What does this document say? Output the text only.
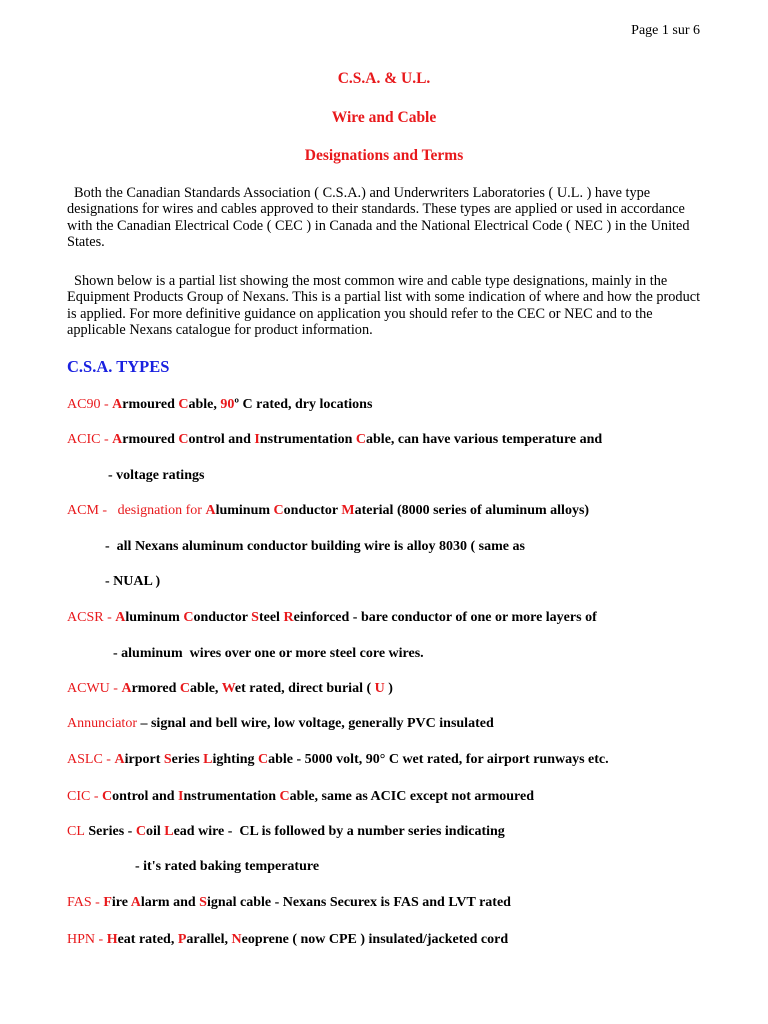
Page 1 sur 6
C.S.A. & U.L.
Wire and Cable
Designations and Terms
Both the Canadian Standards Association ( C.S.A.) and Underwriters Laboratories ( U.L. ) have type designations for wires and cables approved to their standards. These types are applied or used in accordance with the Canadian Electrical Code ( CEC ) in Canada and the National Electrical Code ( NEC ) in the United States.
Shown below is a partial list showing the most common wire and cable type designations, mainly in the Equipment Products Group of Nexans. This is a partial list with some indication of where and how the product is applied. For more definitive guidance on application you should refer to the CEC or NEC and to the applicable Nexans catalogue for product information.
C.S.A. TYPES
AC90 - Armoured Cable, 90º C rated, dry locations
ACIC - Armoured Control and Instrumentation Cable, can have various temperature and
- voltage ratings
ACM -   designation for Aluminum Conductor Material (8000 series of aluminum alloys)
-  all Nexans aluminum conductor building wire is alloy 8030 ( same as
- NUAL )
ACSR - Aluminum Conductor Steel Reinforced - bare conductor of one or more layers of
- aluminum  wires over one or more steel core wires.
ACWU - Armored Cable, Wet rated, direct burial ( U )
Annunciator – signal and bell wire, low voltage, generally PVC insulated
ASLC - Airport Series Lighting Cable - 5000 volt, 90° C wet rated, for airport runways etc.
CIC - Control and Instrumentation Cable, same as ACIC except not armoured
CL Series - Coil Lead wire -  CL is followed by a number series indicating
- it's rated baking temperature
FAS - Fire Alarm and Signal cable - Nexans Securex is FAS and LVT rated
HPN - Heat rated, Parallel, Neoprene ( now CPE ) insulated/jacketed cord
